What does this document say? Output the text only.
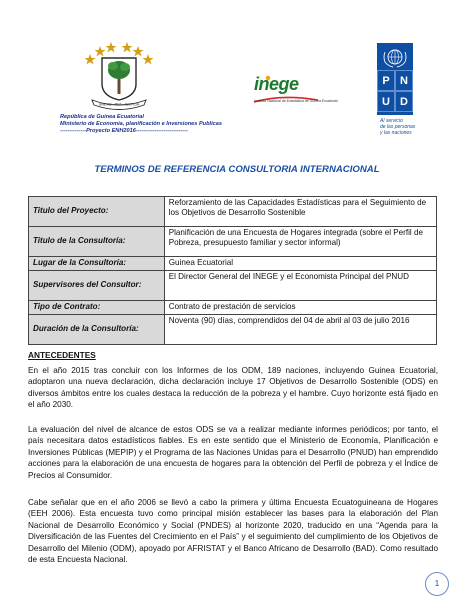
UNIDAD • PAZ • JUSTICIA
República de Guinea Ecuatorial
Ministerio de Economía, planificación e Inversiones Publicas
--------------Proyecto ENH2016----------------------------
inege
Instituto Nacional de Estadística de Guinea Ecuatorial
P N
U D
Al servicio
de las personas
y las naciones
TERMINOS DE REFERENCIA CONSULTORIA INTERNACIONAL
Titulo del Proyecto:	Reforzamiento de las Capacidades Estadísticas para el Seguimiento de los Objetivos de Desarrollo Sostenible
Titulo de la Consultoría:	Planificación de una Encuesta de Hogares integrada (sobre el Perfil de Pobreza, presupuesto familiar y sector informal)
Lugar de la Consultoría:	Guinea Ecuatorial
Supervisores del Consultor:	El Director General del INEGE y el Economista Principal del PNUD
Tipo de Contrato:	Contrato de prestación de servicios
Duración de la Consultoría:	Noventa (90) días, comprendidos del 04 de abril al 03 de julio 2016
ANTECEDENTES

En el año 2015 tras concluir con los Informes de los ODM, 189 naciones, incluyendo Guinea Ecuatorial, adoptaron una nueva declaración, dicha declaración incluye 17 Objetivos de Desarrollo Sostenible (ODS) en diversos ámbitos entre los cuales destaca la reducción de la pobreza y el hambre. Cuyo horizonte está fijado en el año 2030.

La evaluación del nivel de alcance de estos ODS se va a realizar mediante informes periódicos; por tanto, el país necesitara datos estadísticos fiables. Es en este sentido que el Ministerio de Economía, Planificación e Inversiones Públicas (MEPIP) y el Programa de las Naciones Unidas para el Desarrollo (PNUD) han emprendido acciones para la elaboración de una encuesta de hogares para la obtención del Perfil de pobreza y el Índice de Precios al Consumidor.

Cabe señalar que en el año 2006 se llevó a cabo la primera y última Encuesta Ecuatoguineana de Hogares (EEH 2006). Esta encuesta tuvo como principal misión establecer las bases para la elaboración del Plan Nacional de Desarrollo Económico y Social (PNDES) al horizonte 2020, traducido en una “Agenda para la Diversificación de las Fuentes del Crecimiento en el País” y el seguimiento del cumplimiento de los Objetivos de Desarrollo del Milenio (ODM), apoyado por AFRISTAT y el Banco Africano de Desarrollo (BAD). Como resultado de esta Encuesta Nacional.

1
